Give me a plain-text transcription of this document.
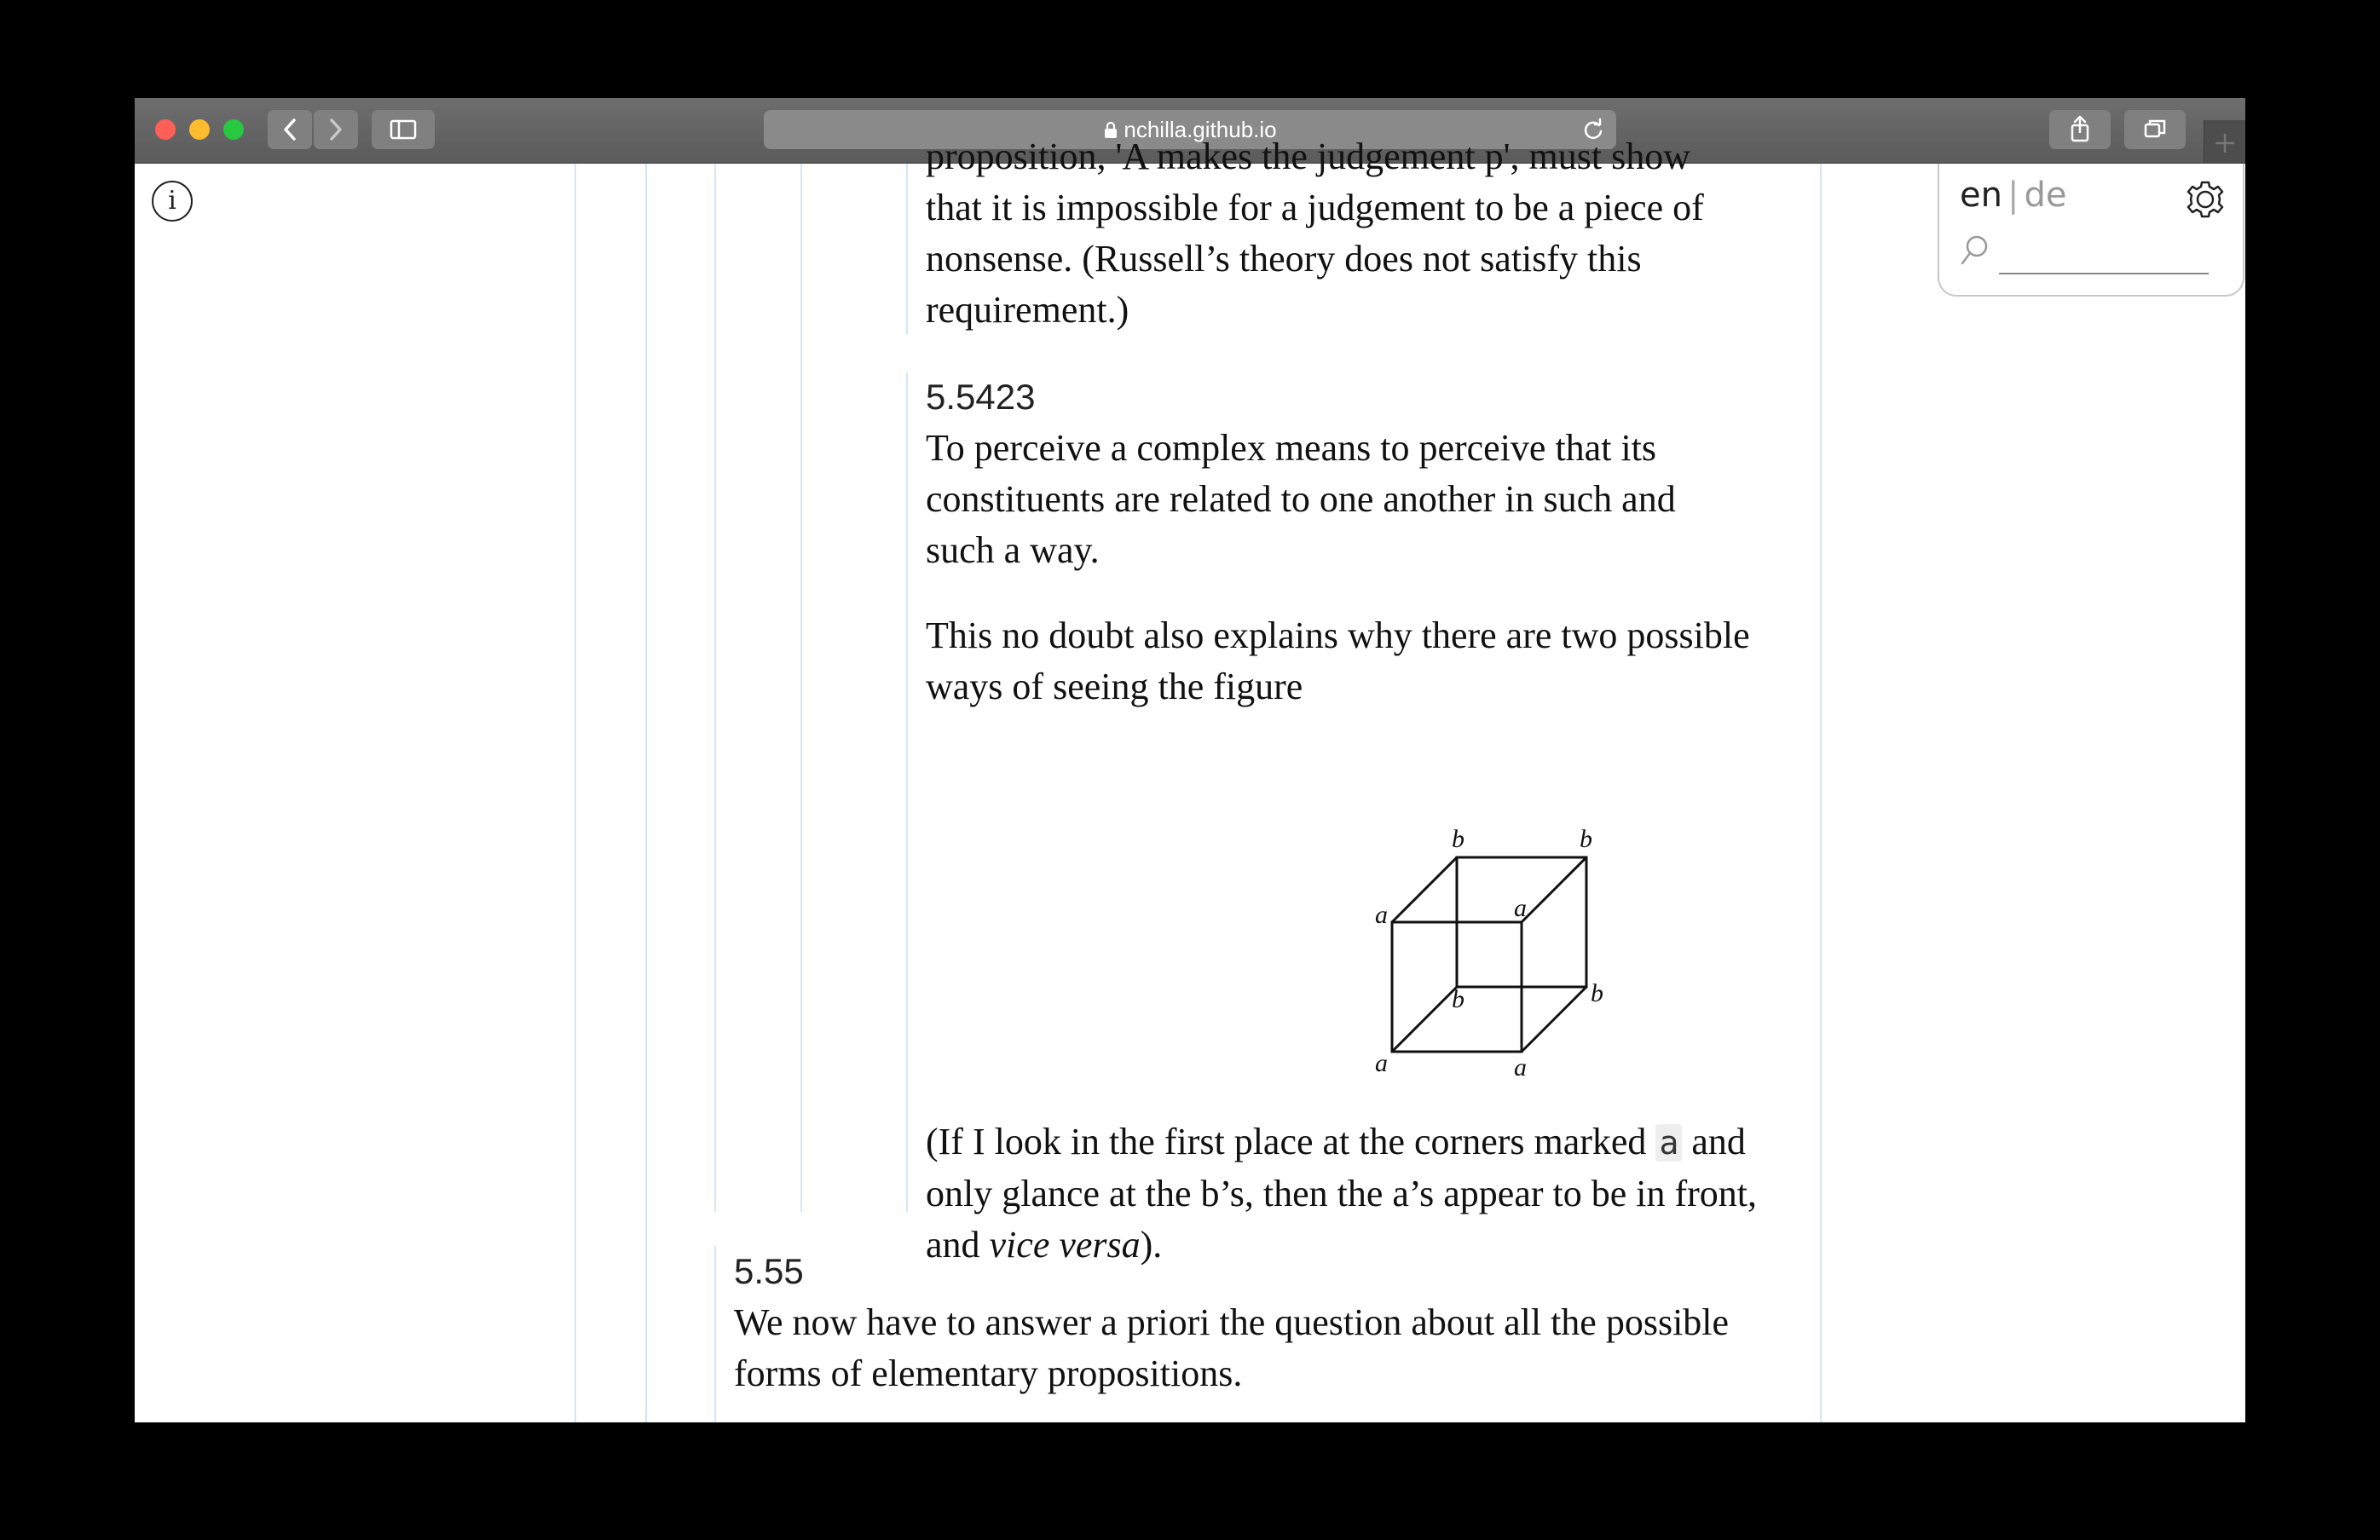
nchilla.github.io
i

proposition, 'A makes the judgement p', must show

that it is impossible for a judgement to be a piece of

nonsense. (Russell’s theory does not satisfy this

requirement.)

5.5423

To perceive a complex means to perceive that its

constituents are related to one another in such and

such a way.

This no doubt also explains why there are two possible

ways of seeing the figure

b	b
a
a
b	b
a	a

(If I look in the first place at the corners marked a and

only glance at the b’s, then the a’s appear to be in front,

and vice versa).

5.55

We now have to answer a priori the question about all the possible

forms of elementary propositions.

en | de
